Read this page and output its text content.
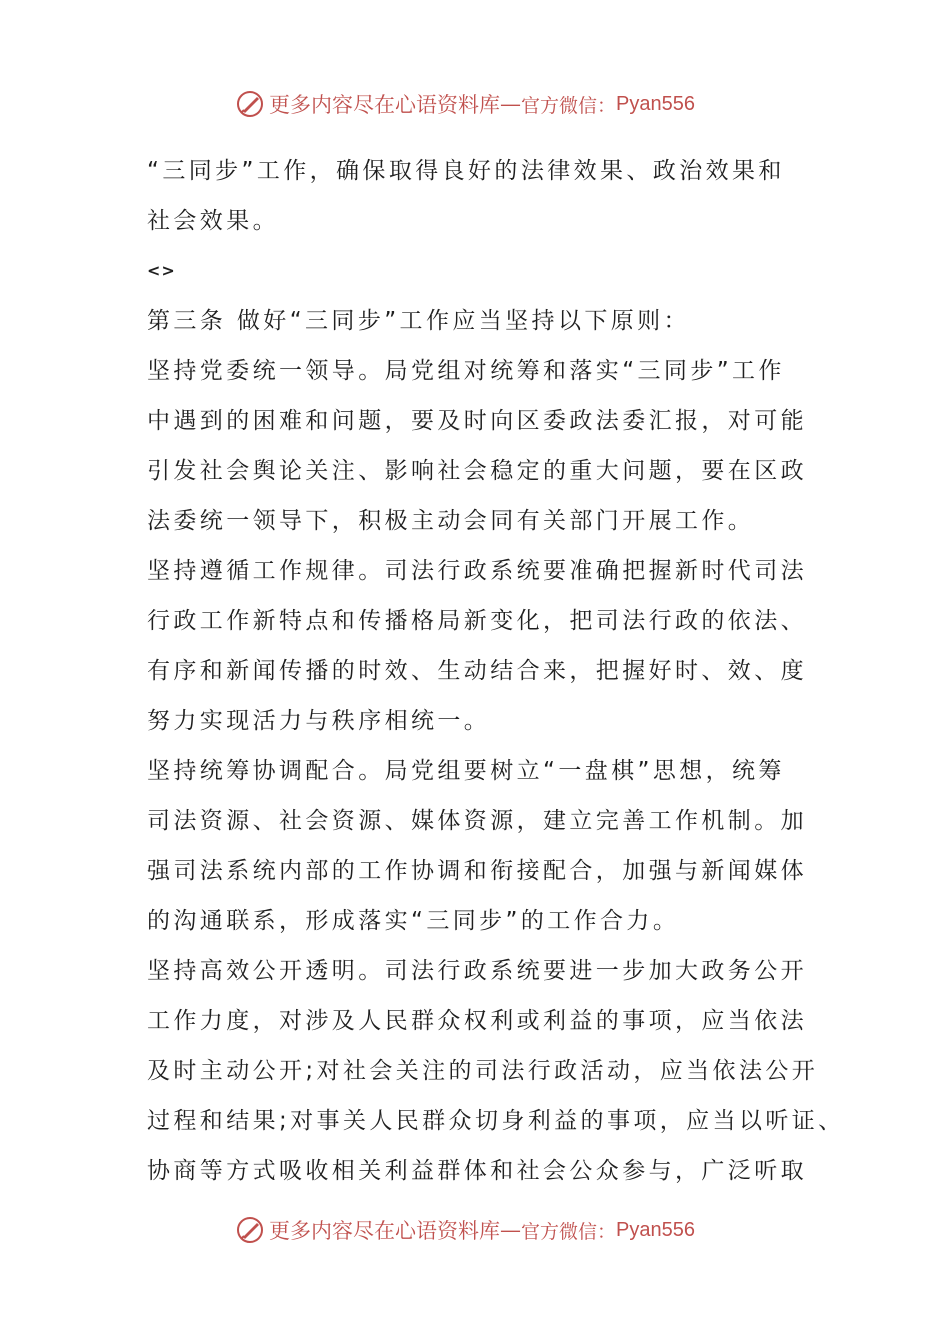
更多内容尽在心语资料库 — 官方微信： Pyan556
“三同步”工作，确保取得良好的法律效果、政治效果和
社会效果。
<>
第三条 做好“三同步”工作应当坚持以下原则：
坚持党委统一领导。局党组对统筹和落实“三同步”工作
中遇到的困难和问题，要及时向区委政法委汇报，对可能
引发社会舆论关注、影响社会稳定的重大问题，要在区政
法委统一领导下，积极主动会同有关部门开展工作。
坚持遵循工作规律。司法行政系统要准确把握新时代司法
行政工作新特点和传播格局新变化，把司法行政的依法、
有序和新闻传播的时效、生动结合来，把握好时、效、度
努力实现活力与秩序相统一。
坚持统筹协调配合。局党组要树立“一盘棋”思想，统筹
司法资源、社会资源、媒体资源，建立完善工作机制。加
强司法系统内部的工作协调和衔接配合，加强与新闻媒体
的沟通联系，形成落实“三同步”的工作合力。
坚持高效公开透明。司法行政系统要进一步加大政务公开
工作力度，对涉及人民群众权利或利益的事项，应当依法
及时主动公开;对社会关注的司法行政活动，应当依法公开
过程和结果;对事关人民群众切身利益的事项，应当以听证、
协商等方式吸收相关利益群体和社会公众参与，广泛听取
更多内容尽在心语资料库 — 官方微信： Pyan556
